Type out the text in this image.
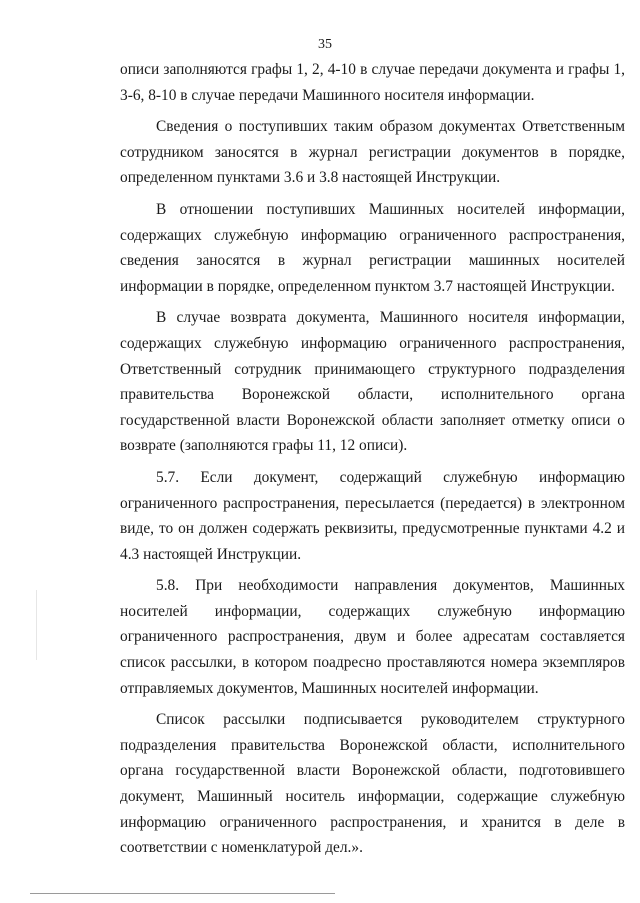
35

описи заполняются графы 1, 2, 4-10 в случае передачи документа и графы 1, 3-6, 8-10 в случае передачи Машинного носителя информации.

Сведения о поступивших таким образом документах Ответственным сотрудником заносятся в журнал регистрации документов в порядке, определенном пунктами 3.6 и 3.8 настоящей Инструкции.

В отношении поступивших Машинных носителей информации, содержащих служебную информацию ограниченного распространения, сведения заносятся в журнал регистрации машинных носителей информации в порядке, определенном пунктом 3.7 настоящей Инструкции.

В случае возврата документа, Машинного носителя информации, содержащих служебную информацию ограниченного распространения, Ответственный сотрудник принимающего структурного подразделения правительства Воронежской области, исполнительного органа государственной власти Воронежской области заполняет отметку описи о возврате (заполняются графы 11, 12 описи).

5.7. Если документ, содержащий служебную информацию ограниченного распространения, пересылается (передается) в электронном виде, то он должен содержать реквизиты, предусмотренные пунктами 4.2 и 4.3 настоящей Инструкции.

5.8. При необходимости направления документов, Машинных носителей информации, содержащих служебную информацию ограниченного распространения, двум и более адресатам составляется список рассылки, в котором поадресно проставляются номера экземпляров отправляемых документов, Машинных носителей информации.

Список рассылки подписывается руководителем структурного подразделения правительства Воронежской области, исполнительного органа государственной власти Воронежской области, подготовившего документ, Машинный носитель информации, содержащие служебную информацию ограниченного распространения, и хранится в деле в соответствии с номенклатурой дел.».
